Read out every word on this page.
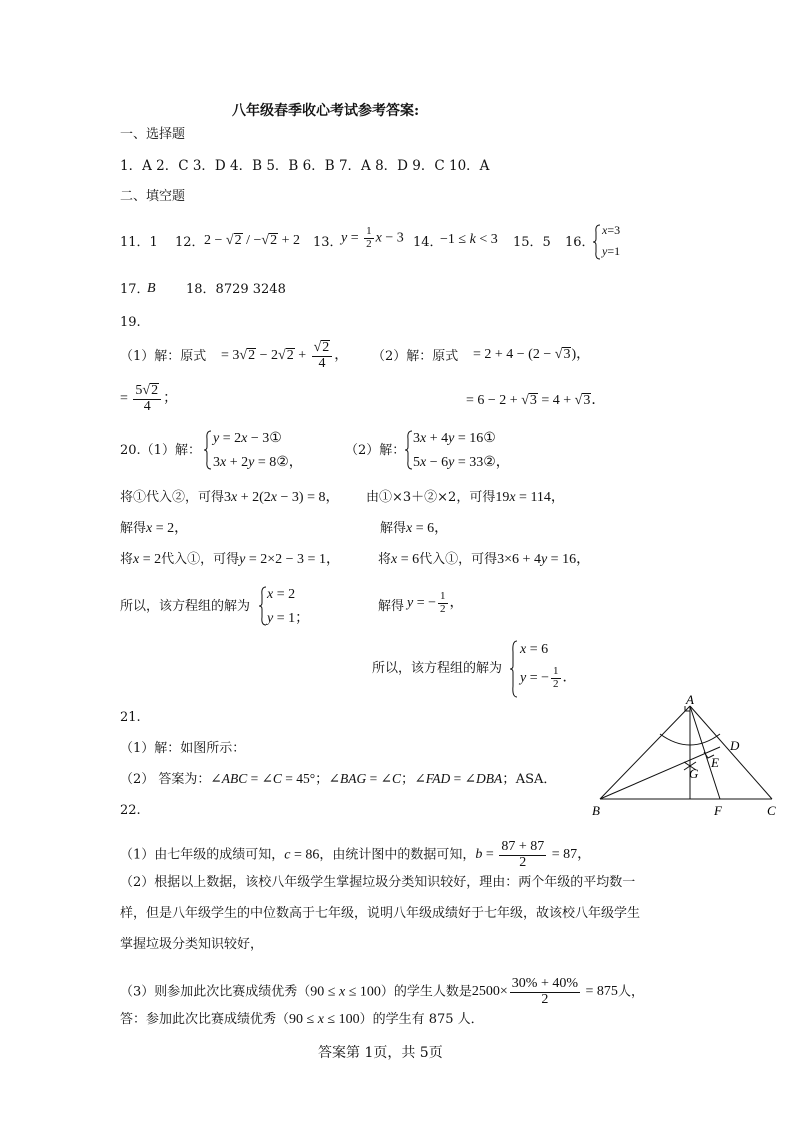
八年级春季收心考试参考答案:
一、选择题
1．A 2．C 3．D 4．B 5．B 6．B 7．A 8．D 9．C 10．A
二、填空题
11．1 12． 2 − √2 / −√2 + 2 13．
$y = \frac{1}{2}$ x − 3 14．
−1 ≤ k < 3 15．5 16．
x=3
y=1
17．
B 18．8729 3248
19.
（1）解：原式 = $3√2 - 2√2 + \frac{√2}{4}$ ， （2）解：原式 = 2 + 4 − (2 − √3)，
= $\frac{5√2}{4}$ ；	= 6 − 2 + √3 = 4 + √3．
20.（1）解：
y = 2x − 3①
3x + 2y = 8②，
（2）解：
3x + 4y = 16①
5x − 6y = 33②，
将①代入②，可得3x + 2(2x − 3) = 8， 由①×3＋②×2，可得19x = 114，
解得x = 2，	解得x = 6，
将x = 2代入①，可得y = 2×2 − 3 = 1，	将x = 6代入①，可得3×6 + 4y = 16，
所以，该方程组的解为
x = 2
y = 1；
解得 y = − $\frac{1}{2}$ ，
所以，该方程组的解为
x = 6
y = − $\frac{1}{2}$ ．
21.
（1）解：如图所示：
（2） 答案为：∠ABC = ∠C = 45°；∠BAG = ∠C；∠FAD = ∠DBA；ASA．
A
B	C
D
E
F
G
22.
（1）由七年级的成绩可知，c = 86，由统计图中的数据可知，$b = \frac{87 + 87}{2} = 87$，
（2）根据以上数据，该校八年级学生掌握垃圾分类知识较好，理由：两个年级的平均数一
样，但是八年级学生的中位数高于七年级，说明八年级成绩好于七年级，故该校八年级学生
掌握垃圾分类知识较好，
（3）则参加此次比赛成绩优秀（90 ≤ x ≤ 100）的学生人数是$2500\times \frac{30\% + 40\%}{2} = 875$人，
答：参加此次比赛成绩优秀（90 ≤ x ≤ 100）的学生有 875 人．
答案第 1页，共 5页
